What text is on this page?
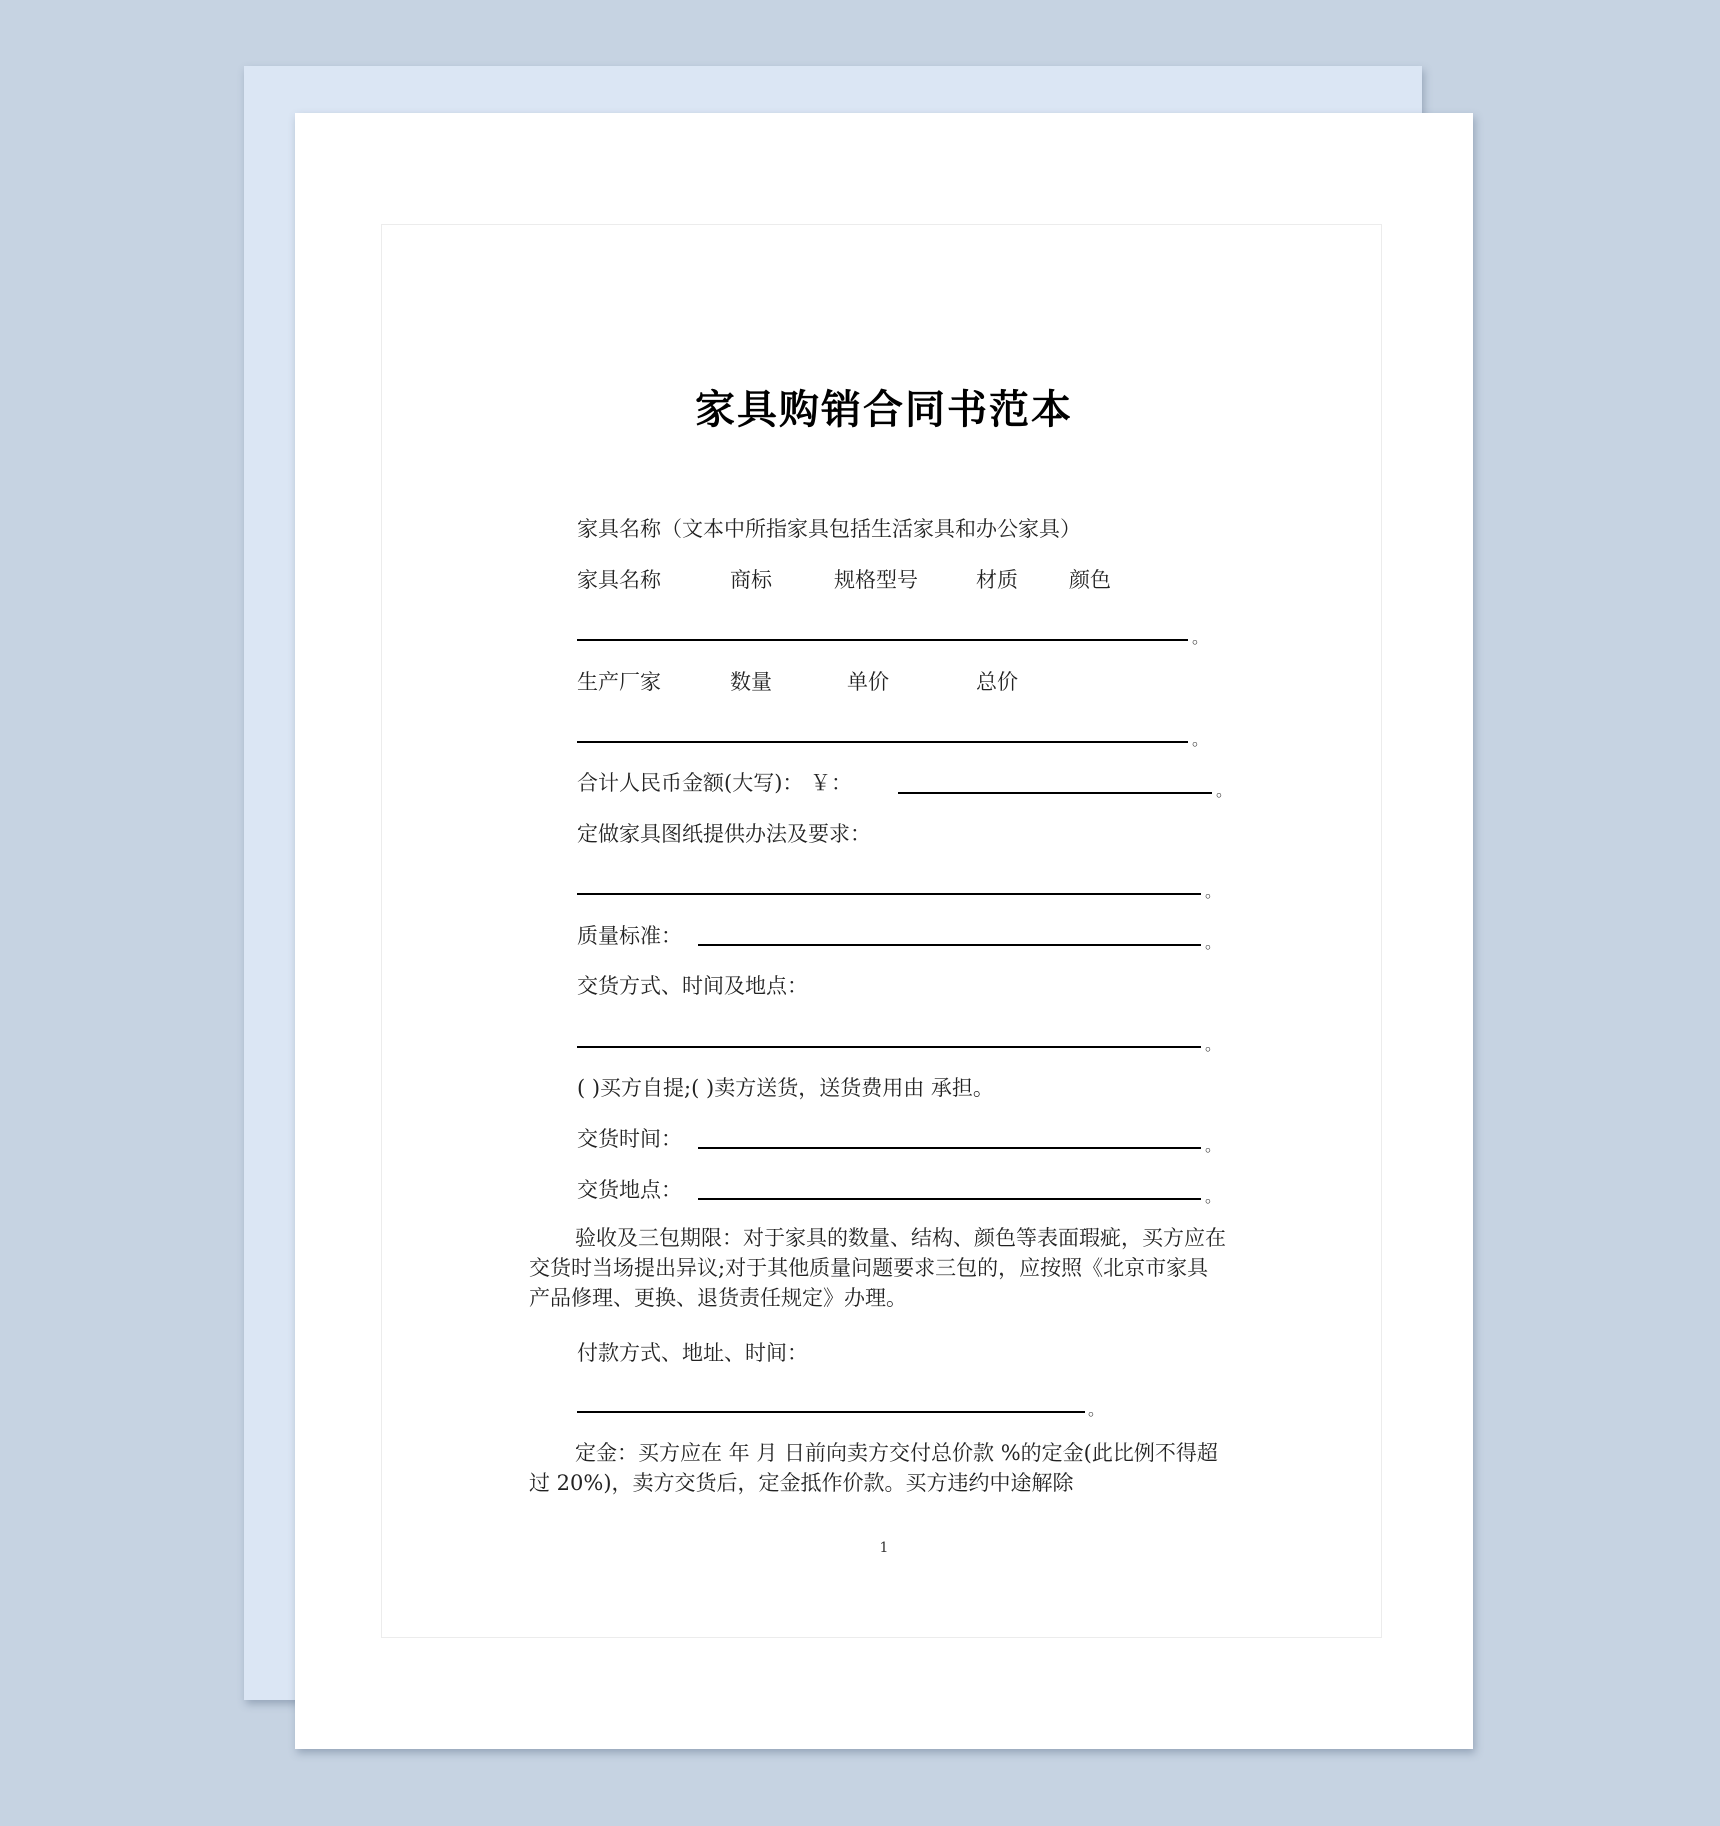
家具购销合同书范本
家具名称（文本中所指家具包括生活家具和办公家具）
家具名称	商标	规格型号	材质 颜色
。
生产厂家	数量	单价	总价
。
合计人民币金额(大写)： ￥：	。
定做家具图纸提供办法及要求：
。
质量标准：	。
交货方式、时间及地点：
。
( )买方自提;( )卖方送货，送货费用由 承担。
交货时间：	。
交货地点：	。
验收及三包期限：对于家具的数量、结构、颜色等表面瑕疵，买方应在交货时当场提出异议;对于其他质量问题要求三包的，应按照《北京市家具产品修理、更换、退货责任规定》办理。
付款方式、地址、时间：
。
定金：买方应在 年 月 日前向卖方交付总价款 %的定金(此比例不得超过 20%)，卖方交货后，定金抵作价款。买方违约中途解除
1
